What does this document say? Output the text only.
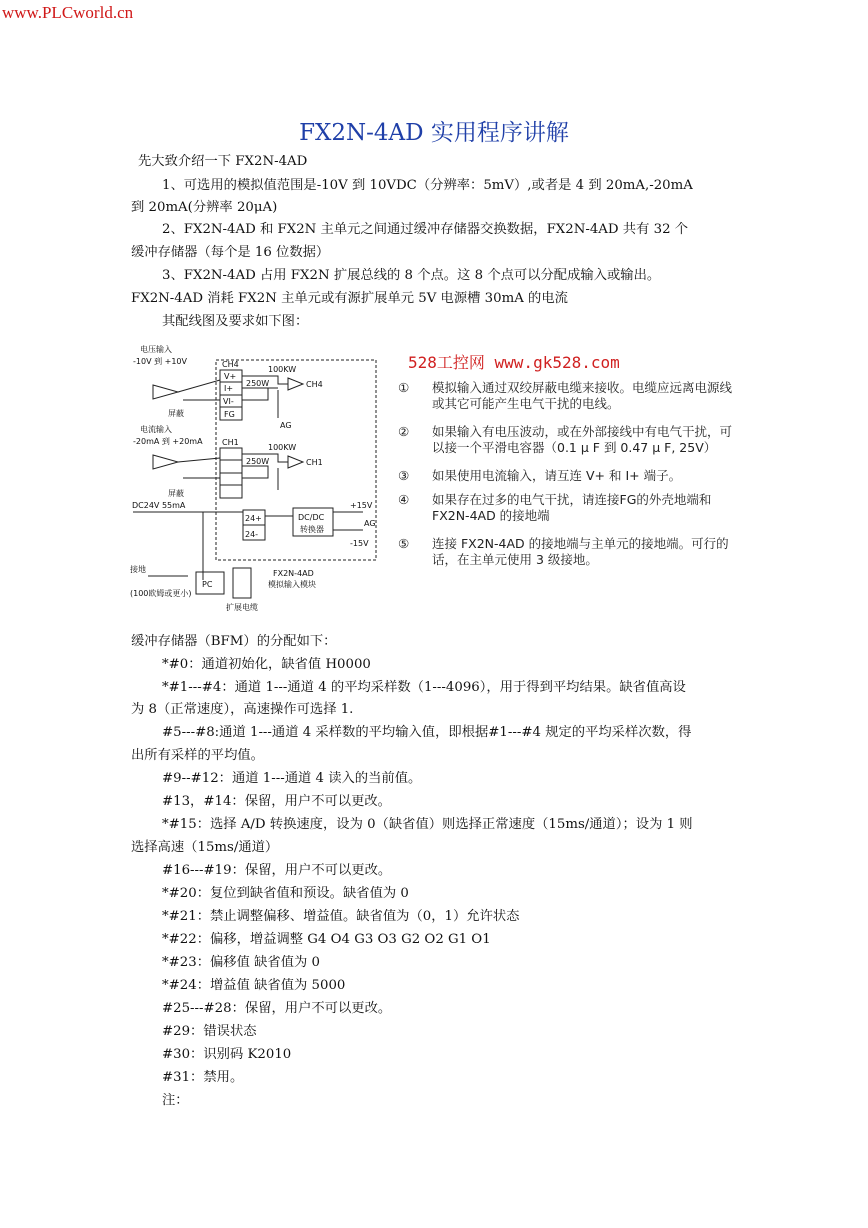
www.PLCworld.cn
FX2N-4AD 实用程序讲解
先大致介绍一下 FX2N-4AD
1、可选用的模拟值范围是-10V 到 10VDC（分辨率：5mV）,或者是 4 到 20mA,-20mA
到 20mA(分辨率 20μA)
2、FX2N-4AD 和 FX2N 主单元之间通过缓冲存储器交换数据，FX2N-4AD 共有 32 个
缓冲存储器（每个是 16 位数据）
3、FX2N-4AD 占用 FX2N 扩展总线的 8 个点。这 8 个点可以分配成输入或输出。
FX2N-4AD 消耗 FX2N 主单元或有源扩展单元 5V 电源槽 30mA 的电流
其配线图及要求如下图：
电压输入
-10V 到 +10V
屏蔽
电流输入
-20mA 到 +20mA
屏蔽
CH4
CH1
V+
I+
VI-
FG
100KW
250W	CH4
AG
100KW
250W	CH1
DC24V 55mA
24+
24-
DC/DC
转换器
+15V
AG
-15V
接地
(100欧姆或更小)
PC
FX2N-4AD
模拟输入模块
扩展电缆
528工控网 www.gk528.com
① 模拟输入通过双绞屏蔽电缆来接收。电缆应远离电源线
或其它可能产生电气干扰的电线。
② 如果输入有电压波动，或在外部接线中有电气干扰，可
以接一个平滑电容器（0.1 μ F 到 0.47 μ F, 25V）
③ 如果使用电流输入，请互连 V+ 和 I+ 端子。
④ 如果存在过多的电气干扰，请连接FG的外壳地端和
FX2N-4AD 的接地端
⑤ 连接 FX2N-4AD 的接地端与主单元的接地端。可行的
话，在主单元使用 3 级接地。
缓冲存储器（BFM）的分配如下：
*#0：通道初始化，缺省值 H0000
*#1---#4：通道 1---通道 4 的平均采样数（1---4096），用于得到平均结果。缺省值高设
为 8（正常速度），高速操作可选择 1.
#5---#8:通道 1---通道 4 采样数的平均输入值，即根据#1---#4 规定的平均采样次数，得
出所有采样的平均值。
#9--#12：通道 1---通道 4 读入的当前值。
#13，#14：保留，用户不可以更改。
*#15：选择 A/D 转换速度，设为 0（缺省值）则选择正常速度（15ms/通道）；设为 1 则
选择高速（15ms/通道）
#16---#19：保留，用户不可以更改。
*#20：复位到缺省值和预设。缺省值为 0
*#21：禁止调整偏移、增益值。缺省值为（0，1）允许状态
*#22：偏移，增益调整 G4 O4 G3 O3 G2 O2 G1 O1
*#23：偏移值 缺省值为 0
*#24：增益值 缺省值为 5000
#25---#28：保留，用户不可以更改。
#29：错误状态
#30：识别码 K2010
#31：禁用。
注：
